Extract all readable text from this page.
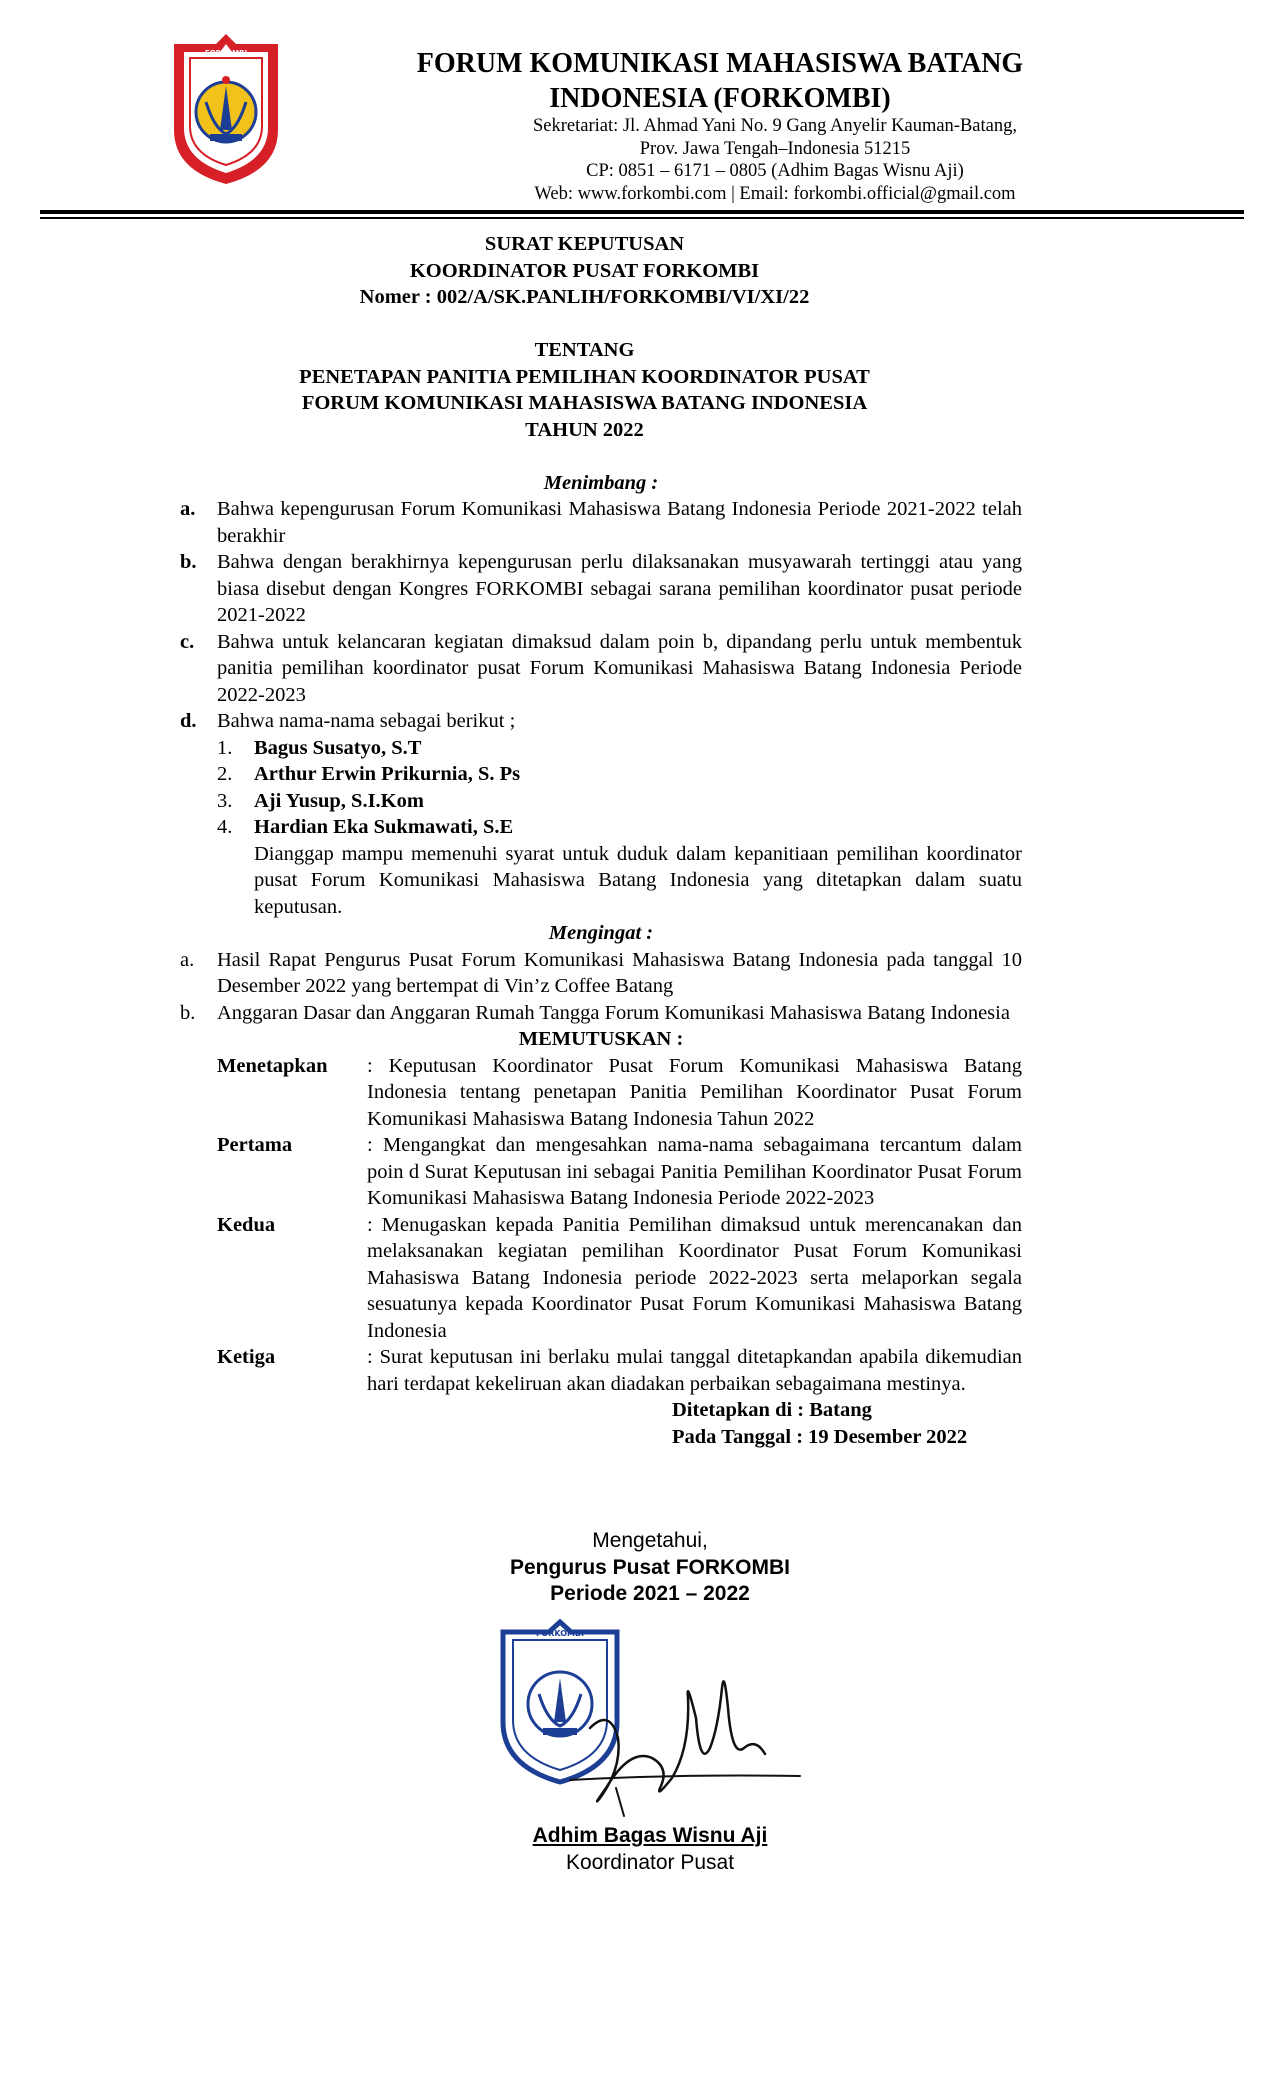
FORKOMBI	FORUM KOMUNIKASI MAHASISWA BATANG
INDONESIA (FORKOMBI)
Sekretariat: Jl. Ahmad Yani No. 9 Gang Anyelir Kauman-Batang,
Prov. Jawa Tengah–Indonesia 51215
CP: 0851 – 6171 – 0805 (Adhim Bagas Wisnu Aji)
Web: www.forkombi.com | Email: forkombi.official@gmail.com
SURAT KEPUTUSAN
KOORDINATOR PUSAT FORKOMBI
Nomer : 002/A/SK.PANLIH/FORKOMBI/VI/XI/22
TENTANG
PENETAPAN PANITIA PEMILIHAN KOORDINATOR PUSAT
FORUM KOMUNIKASI MAHASISWA BATANG INDONESIA
TAHUN 2022
Menimbang :
a.	Bahwa kepengurusan Forum Komunikasi Mahasiswa Batang Indonesia Periode 2021-2022 telah berakhir
b. Bahwa dengan berakhirnya kepengurusan perlu dilaksanakan musyawarah tertinggi atau yang biasa disebut dengan Kongres FORKOMBI sebagai sarana pemilihan koordinator pusat periode 2021-2022
c.	Bahwa untuk kelancaran kegiatan dimaksud dalam poin b, dipandang perlu untuk membentuk panitia pemilihan koordinator pusat Forum Komunikasi Mahasiswa Batang Indonesia Periode 2022-2023
d. Bahwa nama-nama sebagai berikut ;
1.	Bagus Susatyo, S.T
2.	Arthur Erwin Prikurnia, S. Ps
3.	Aji Yusup, S.I.Kom
4.	Hardian Eka Sukmawati, S.E
Dianggap mampu memenuhi syarat untuk duduk dalam kepanitiaan pemilihan koordinator pusat Forum Komunikasi Mahasiswa Batang Indonesia yang ditetapkan dalam suatu keputusan.
Mengingat :
a.	Hasil Rapat Pengurus Pusat Forum Komunikasi Mahasiswa Batang Indonesia pada tanggal 10 Desember 2022 yang bertempat di Vin’z Coffee Batang
b.	Anggaran Dasar dan Anggaran Rumah Tangga Forum Komunikasi Mahasiswa Batang Indonesia
MEMUTUSKAN :
Menetapkan	: Keputusan Koordinator Pusat Forum Komunikasi Mahasiswa Batang Indonesia tentang penetapan Panitia Pemilihan Koordinator Pusat Forum Komunikasi Mahasiswa Batang Indonesia Tahun 2022
Pertama	: Mengangkat dan mengesahkan nama-nama sebagaimana tercantum dalam poin d Surat Keputusan ini sebagai Panitia Pemilihan Koordinator Pusat Forum Komunikasi Mahasiswa Batang Indonesia Periode 2022-2023
Kedua	: Menugaskan kepada Panitia Pemilihan dimaksud untuk merencanakan dan melaksanakan kegiatan pemilihan Koordinator Pusat Forum Komunikasi Mahasiswa Batang Indonesia periode 2022-2023 serta melaporkan segala sesuatunya kepada Koordinator Pusat Forum Komunikasi Mahasiswa Batang Indonesia
Ketiga	: Surat keputusan ini berlaku mulai tanggal ditetapkandan apabila dikemudian hari terdapat kekeliruan akan diadakan perbaikan sebagaimana mestinya.
Ditetapkan di : Batang
Pada Tanggal : 19 Desember 2022
Mengetahui,
Pengurus Pusat FORKOMBI
Periode 2021 – 2022
FORKOMBI
Adhim Bagas Wisnu Aji
Koordinator Pusat
